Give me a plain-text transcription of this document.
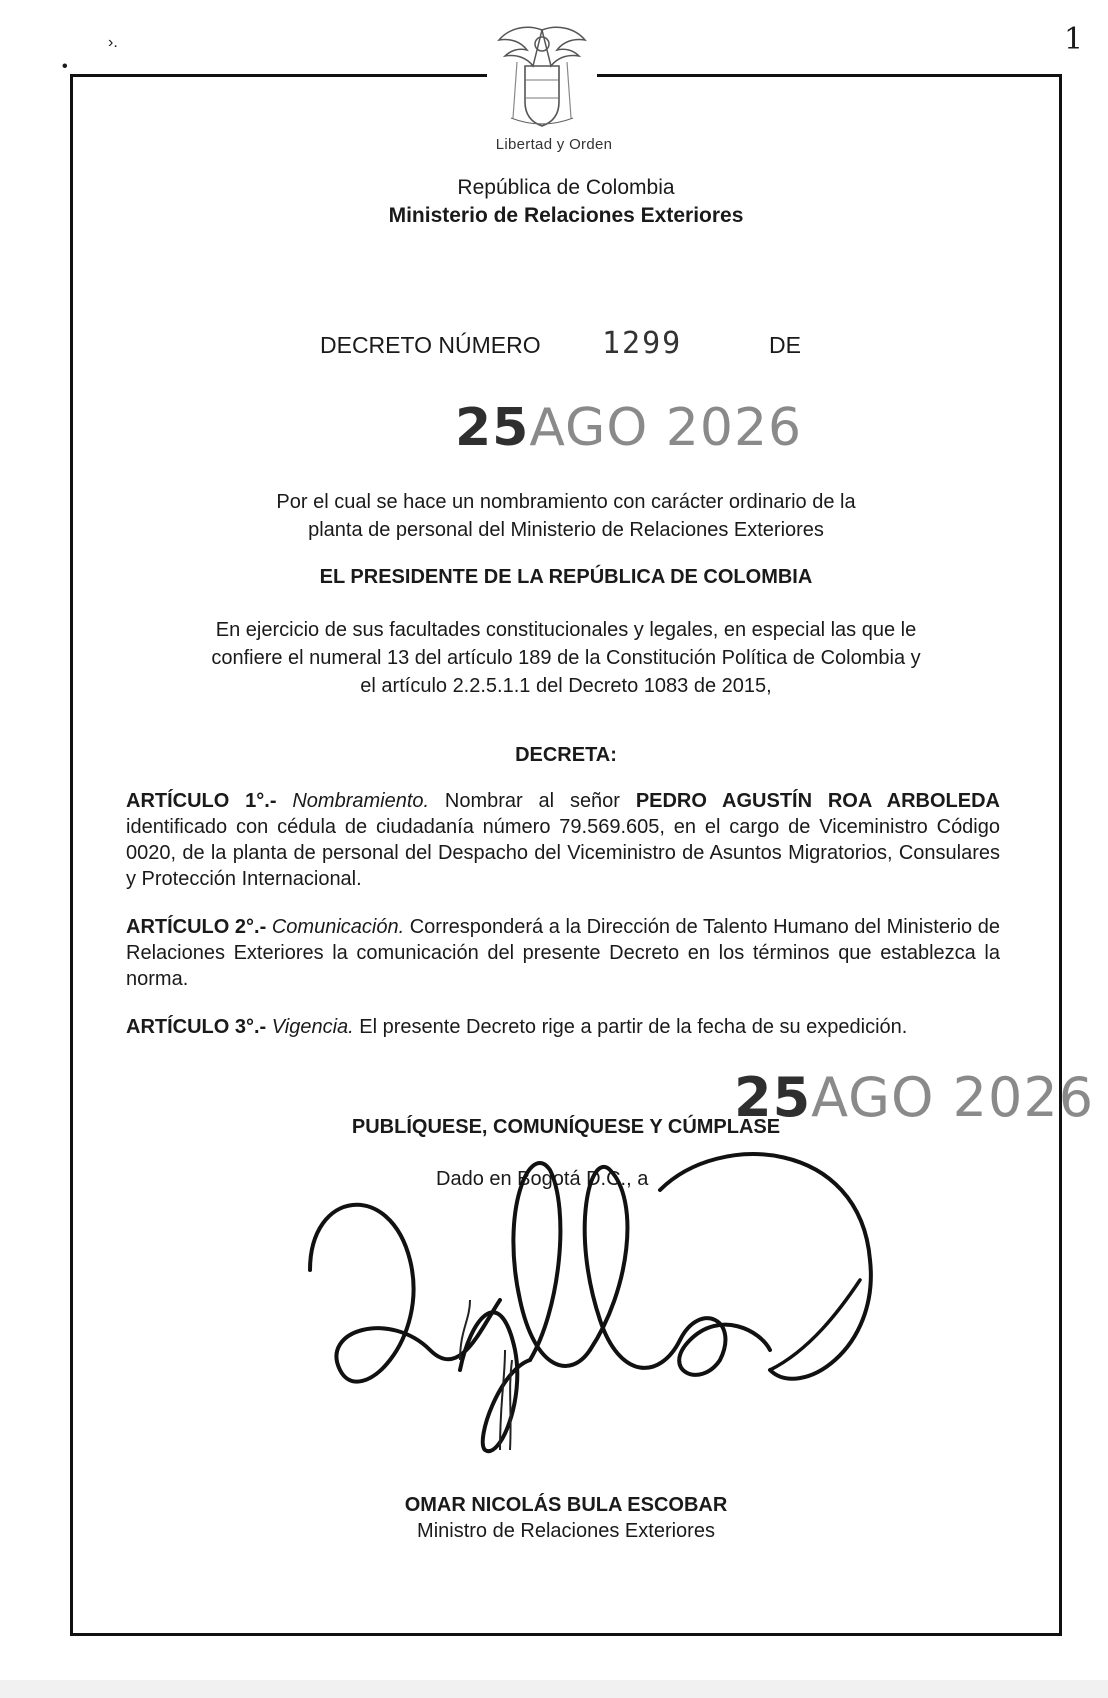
•
›.	1
Libertad y Orden
República de Colombia
Ministerio de Relaciones Exteriores
DECRETO NÚMERO 1299	DE
25AGO 2026
Por el cual se hace un nombramiento con carácter ordinario de la
planta de personal del Ministerio de Relaciones Exteriores
EL PRESIDENTE DE LA REPÚBLICA DE COLOMBIA
En ejercicio de sus facultades constitucionales y legales, en especial las que le
confiere el numeral 13 del artículo 189 de la Constitución Política de Colombia y
el artículo 2.2.5.1.1 del Decreto 1083 de 2015,
DECRETA:
ARTÍCULO 1°.- Nombramiento. Nombrar al señor PEDRO AGUSTÍN ROA ARBOLEDA identificado con cédula de ciudadanía número 79.569.605, en el cargo de Viceministro Código 0020, de la planta de personal del Despacho del Viceministro de Asuntos Migratorios, Consulares y Protección Internacional.
ARTÍCULO 2°.- Comunicación. Corresponderá a la Dirección de Talento Humano del Ministerio de Relaciones Exteriores la comunicación del presente Decreto en los términos que establezca la norma.
ARTÍCULO 3°.- Vigencia. El presente Decreto rige a partir de la fecha de su expedición.
25AGO 2026
PUBLÍQUESE, COMUNÍQUESE Y CÚMPLASE
Dado en Bogotá D.C., a
OMAR NICOLÁS BULA ESCOBAR
Ministro de Relaciones Exteriores
